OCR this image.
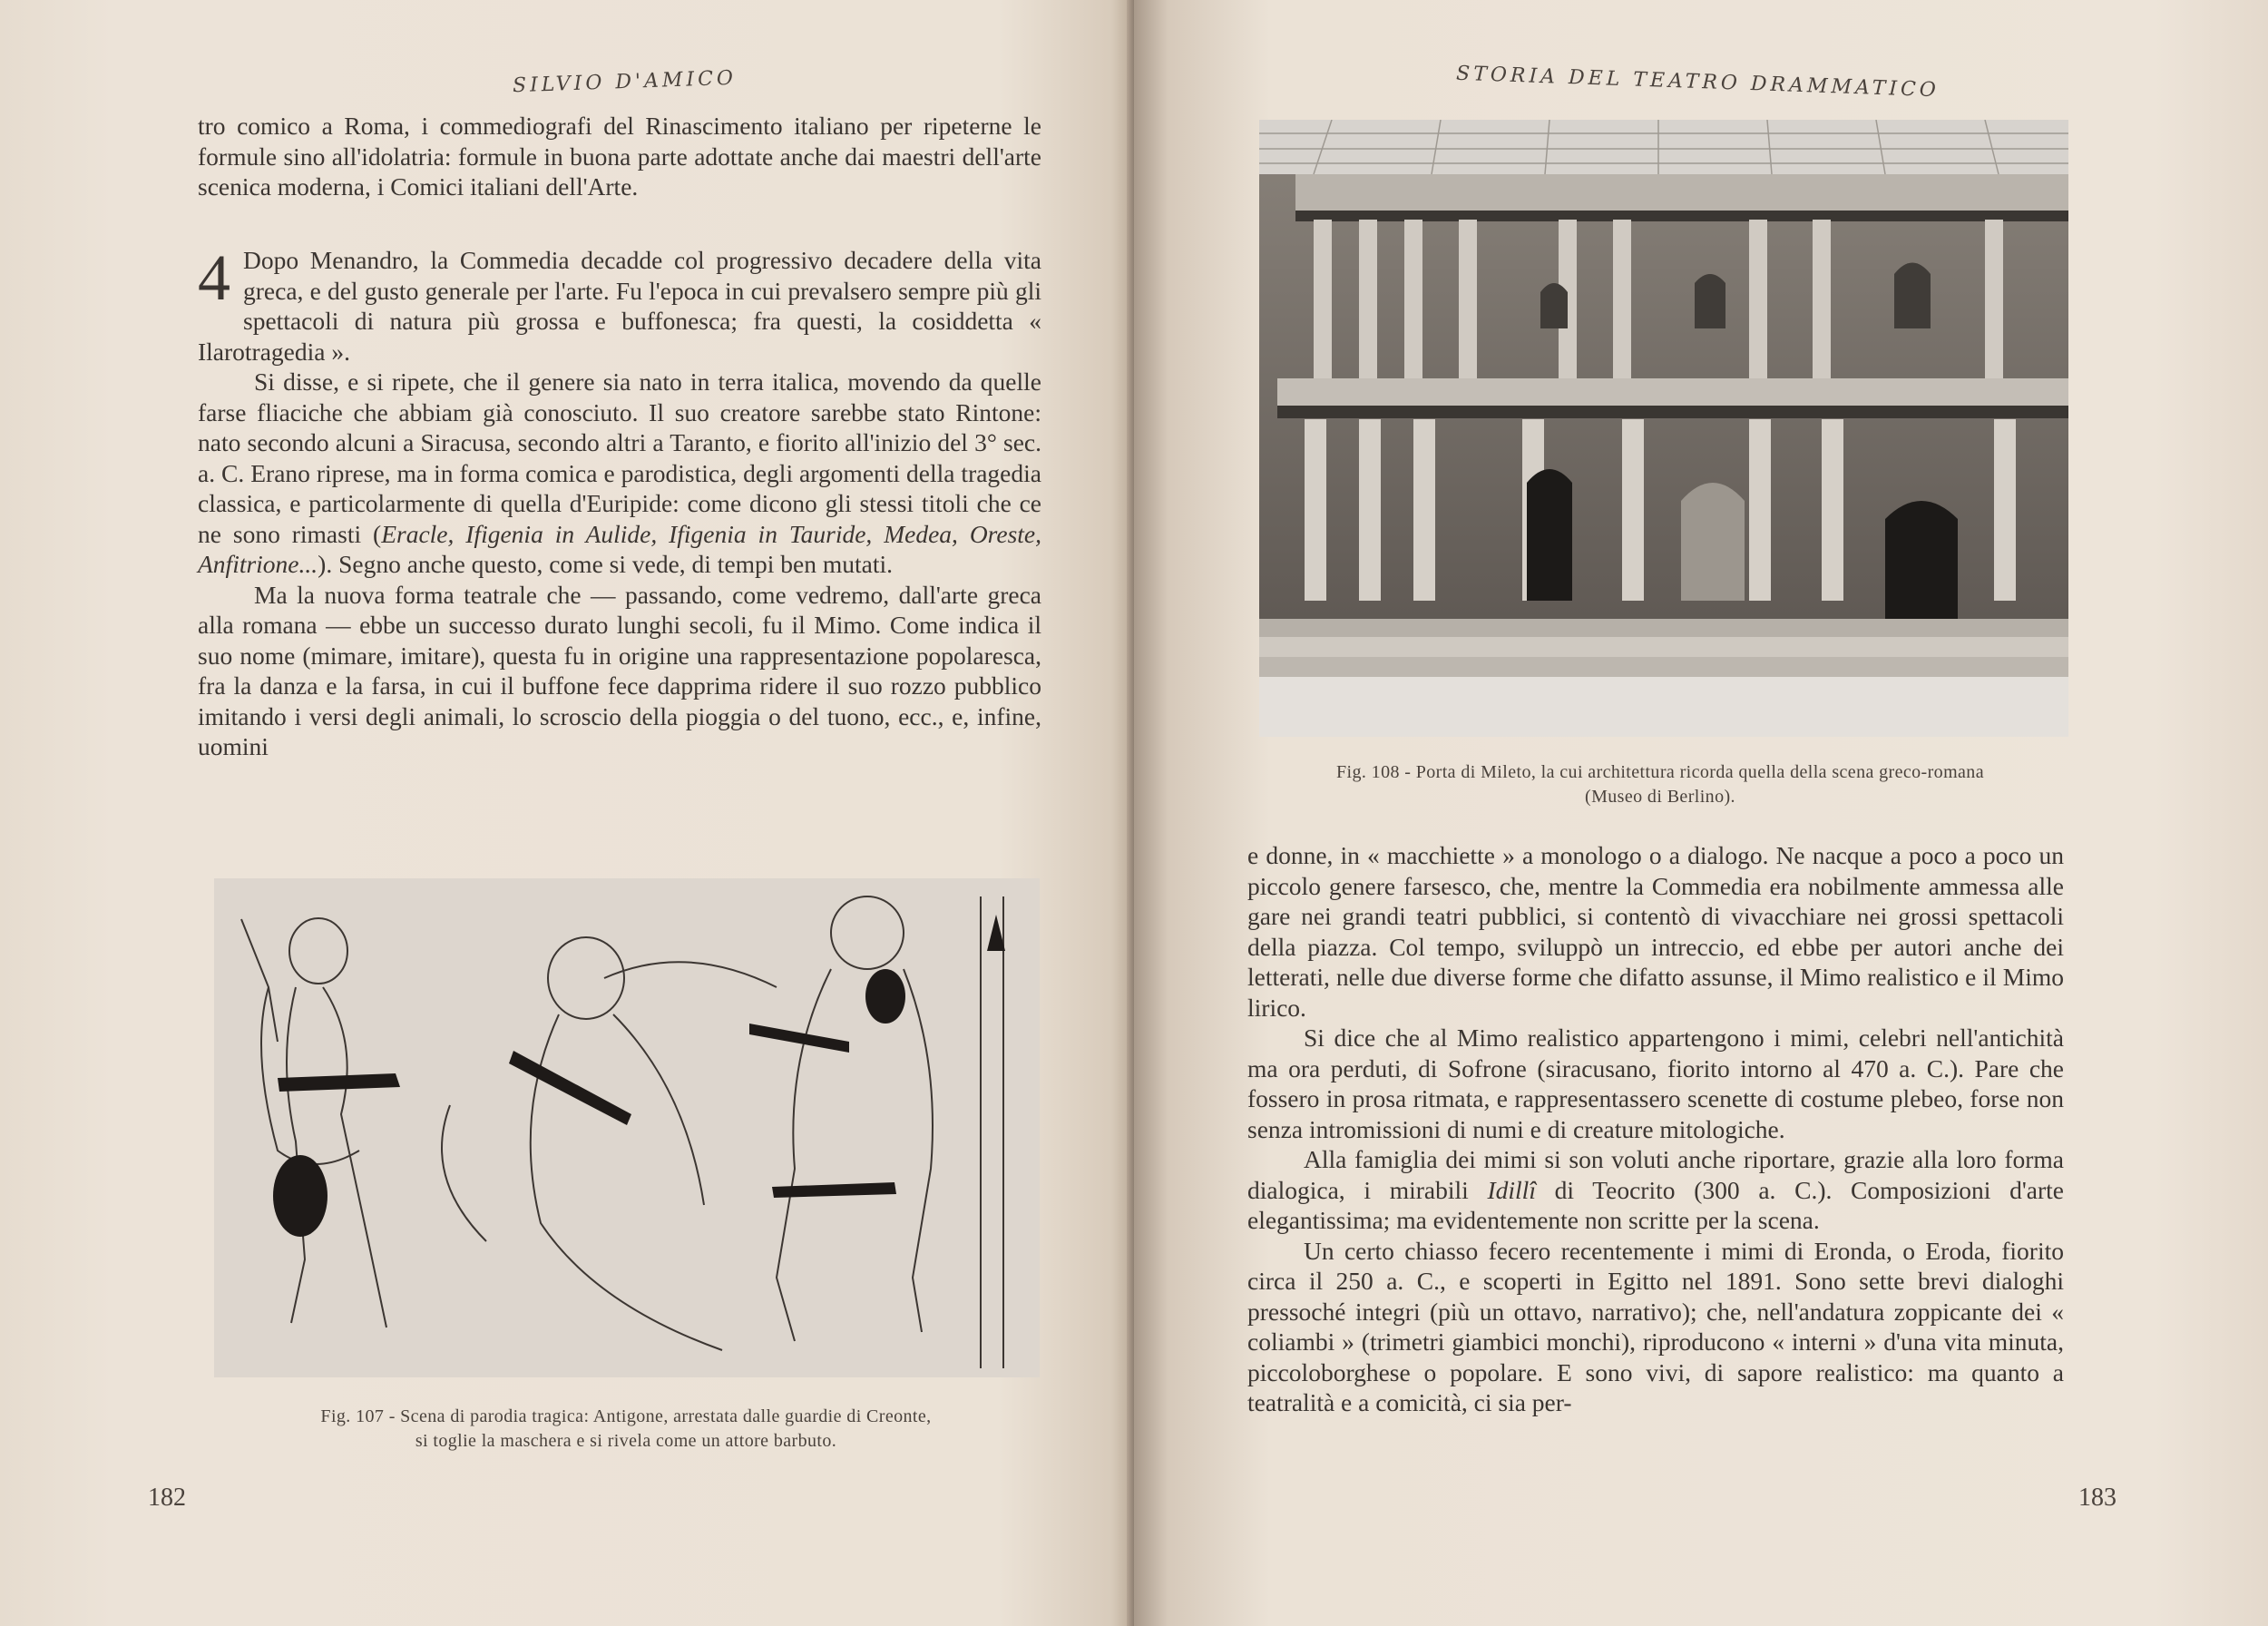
SILVIO D'AMICO

tro comico a Roma, i commediografi del Rinascimento italiano per ripeterne le formule sino all'idolatria: formule in buona parte adottate anche dai maestri dell'arte scenica moderna, i Comici italiani dell'Arte.

4 Dopo Menandro, la Commedia decadde col progressivo decadere della vita greca, e del gusto generale per l'arte. Fu l'epoca in cui prevalsero sempre più gli spettacoli di natura più grossa e buffonesca; fra questi, la cosiddetta « Ilarotragedia ».

Si disse, e si ripete, che il genere sia nato in terra italica, movendo da quelle farse fliaciche che abbiam già conosciuto. Il suo creatore sarebbe stato Rintone: nato secondo alcuni a Siracusa, secondo altri a Taranto, e fiorito all'inizio del 3° sec. a. C. Erano riprese, ma in forma comica e parodistica, degli argomenti della tragedia classica, e particolarmente di quella d'Euripide: come dicono gli stessi titoli che ce ne sono rimasti (Eracle, Ifigenia in Aulide, Ifigenia in Tauride, Medea, Oreste, Anfitrione...). Segno anche questo, come si vede, di tempi ben mutati.

Ma la nuova forma teatrale che — passando, come vedremo, dall'arte greca alla romana — ebbe un successo durato lunghi secoli, fu il Mimo. Come indica il suo nome (mimare, imitare), questa fu in origine una rappresentazione popolaresca, fra la danza e la farsa, in cui il buffone fece dapprima ridere il suo rozzo pubblico imitando i versi degli animali, lo scroscio della pioggia o del tuono, ecc., e, infine, uomini

Fig. 107 - Scena di parodia tragica: Antigone, arrestata dalle guardie di Creonte,
si toglie la maschera e si rivela come un attore barbuto.
182
STORIA DEL TEATRO DRAMMATICO
Fig. 108 - Porta di Mileto, la cui architettura ricorda quella della scena greco-romana
(Museo di Berlino).

e donne, in « macchiette » a monologo o a dialogo. Ne nacque a poco a poco un piccolo genere farsesco, che, mentre la Commedia era nobilmente ammessa alle gare nei grandi teatri pubblici, si contentò di vivacchiare nei grossi spettacoli della piazza. Col tempo, sviluppò un intreccio, ed ebbe per autori anche dei letterati, nelle due diverse forme che difatto assunse, il Mimo realistico e il Mimo lirico.

Si dice che al Mimo realistico appartengono i mimi, celebri nell'antichità ma ora perduti, di Sofrone (siracusano, fiorito intorno al 470 a. C.). Pare che fossero in prosa ritmata, e rappresentassero scenette di costume plebeo, forse non senza intromissioni di numi e di creature mitologiche.

Alla famiglia dei mimi si son voluti anche riportare, grazie alla loro forma dialogica, i mirabili Idillî di Teocrito (300 a. C.). Composizioni d'arte elegantissima; ma evidentemente non scritte per la scena.

Un certo chiasso fecero recentemente i mimi di Eronda, o Eroda, fiorito circa il 250 a. C., e scoperti in Egitto nel 1891. Sono sette brevi dialoghi pressoché integri (più un ottavo, narrativo); che, nell'andatura zoppicante dei « coliambi » (trimetri giambici monchi), riproducono « interni » d'una vita minuta, piccoloborghese o popolare. E sono vivi, di sapore realistico: ma quanto a teatralità e a comicità, ci sia per-

183
